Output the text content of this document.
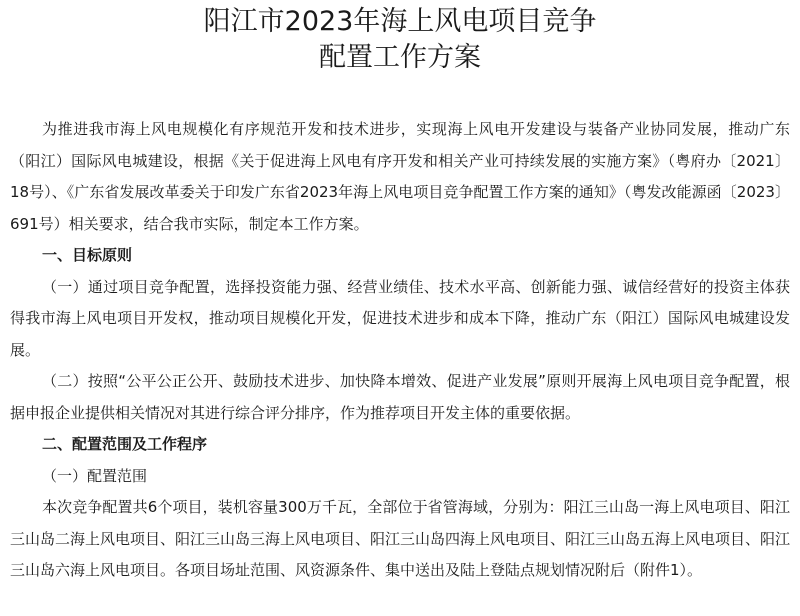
阳江市2023年海上风电项目竞争
配置工作方案

为推进我市海上风电规模化有序规范开发和技术进步，实现海上风电开发建设与装备产业协同发展，推动广东（阳江）国际风电城建设，根据《关于促进海上风电有序开发和相关产业可持续发展的实施方案》（粤府办〔2021〕18号）、《广东省发展改革委关于印发广东省2023年海上风电项目竞争配置工作方案的通知》（粤发改能源函〔2023〕691号）相关要求，结合我市实际，制定本工作方案。

一、目标原则

（一）通过项目竞争配置，选择投资能力强、经营业绩佳、技术水平高、创新能力强、诚信经营好的投资主体获得我市海上风电项目开发权，推动项目规模化开发，促进技术进步和成本下降，推动广东（阳江）国际风电城建设发展。

（二）按照“公平公正公开、鼓励技术进步、加快降本增效、促进产业发展”原则开展海上风电项目竞争配置，根据申报企业提供相关情况对其进行综合评分排序，作为推荐项目开发主体的重要依据。

二、配置范围及工作程序

（一）配置范围

本次竞争配置共6个项目，装机容量300万千瓦，全部位于省管海域，分别为：阳江三山岛一海上风电项目、阳江三山岛二海上风电项目、阳江三山岛三海上风电项目、阳江三山岛四海上风电项目、阳江三山岛五海上风电项目、阳江三山岛六海上风电项目。各项目场址范围、风资源条件、集中送出及陆上登陆点规划情况附后（附件1）。
